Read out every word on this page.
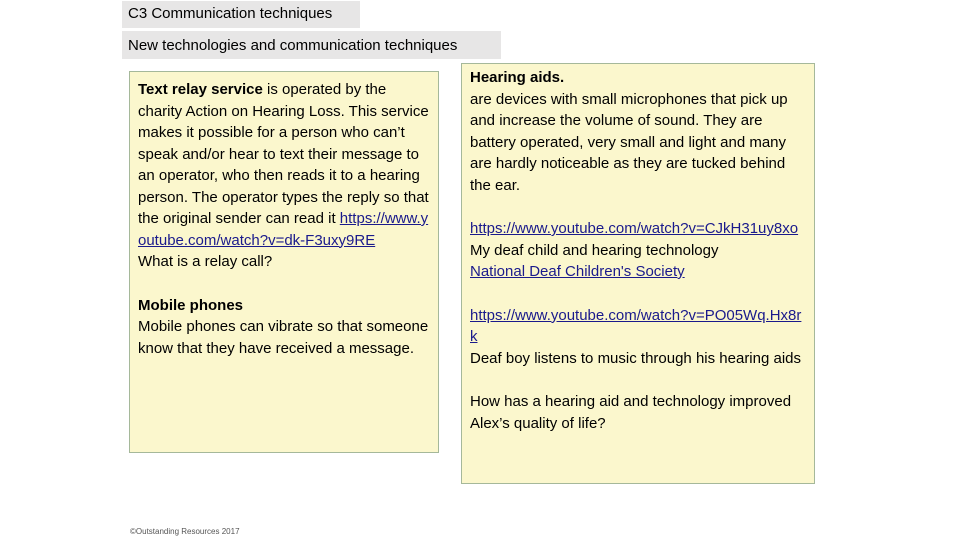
C3 Communication techniques
New technologies and communication techniques

Text relay service is operated by the charity Action on Hearing Loss. This service makes it possible for a person who can’t speak and/or hear to text their message to an operator, who then reads it to a hearing person. The operator types the reply so that the original sender can read it https://www.youtube.com/watch?v=dk-F3uxy9RE

What is a relay call?

Mobile phones

Mobile phones can vibrate so that someone know that they have received a message.

Hearing aids.

are devices with small microphones that pick up and increase the volume of sound. They are battery operated, very small and light and many are hardly noticeable as they are tucked behind the ear.

https://www.youtube.com/watch?v=CJkH31uy8xo

My deaf child and hearing technology

National Deaf Children's Society

https://www.youtube.com/watch?v=PO05Wq.Hx8rk

Deaf boy listens to music through his hearing aids

How has a hearing aid and technology improved Alex’s quality of life?

©Outstanding Resources 2017
